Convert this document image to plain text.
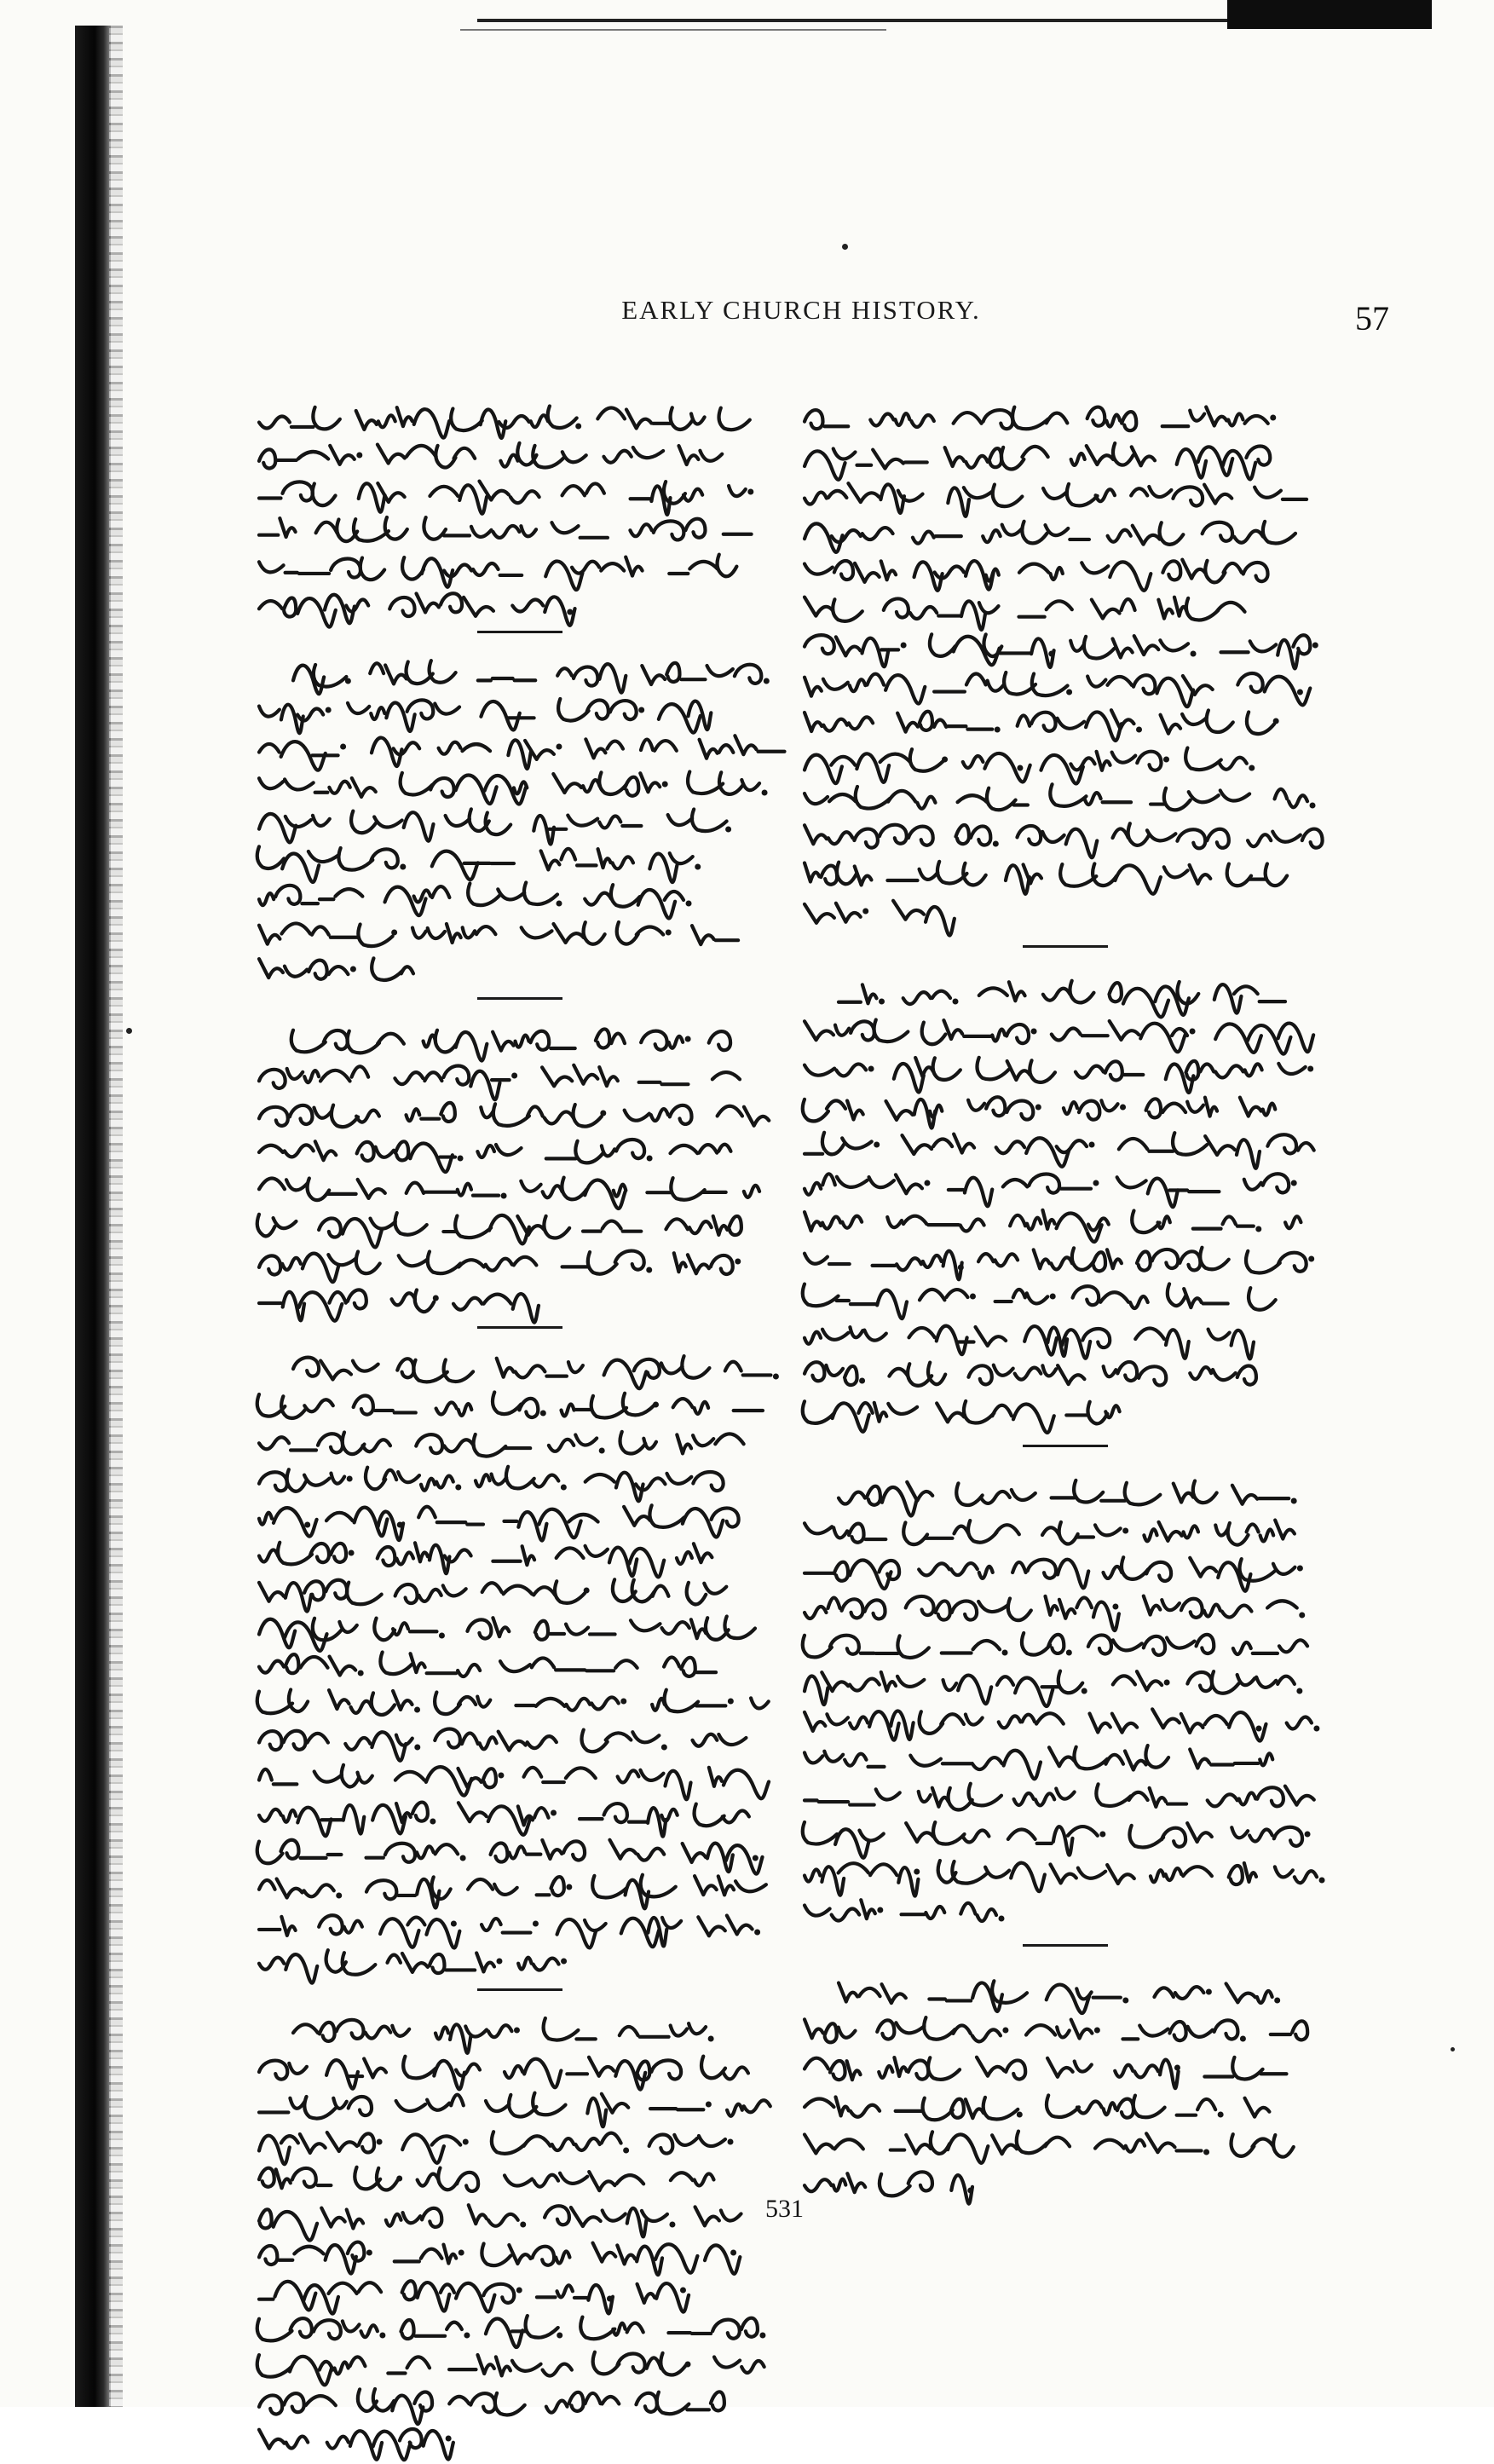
EARLY CHURCH HISTORY.	57
531
